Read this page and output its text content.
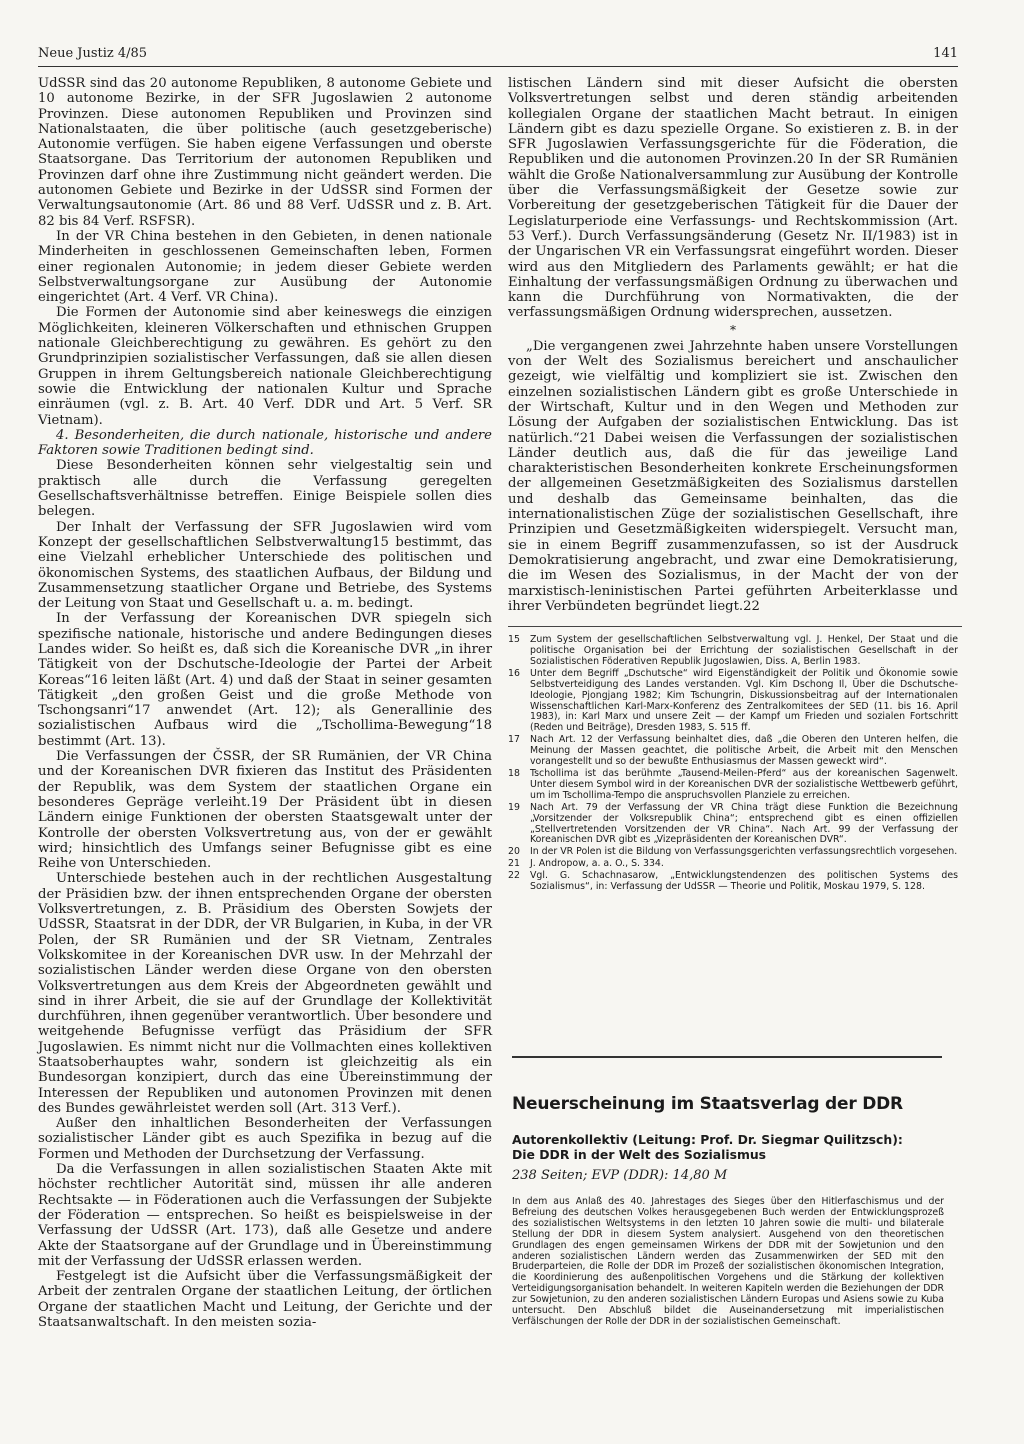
Neue Justiz 4/85	141

UdSSR sind das 20 autonome Republiken, 8 autonome Gebiete und 10 autonome Bezirke, in der SFR Jugoslawien 2 autonome Provinzen. Diese autonomen Republiken und Provinzen sind Nationalstaaten, die über politische (auch gesetzgeberische) Autonomie verfügen. Sie haben eigene Verfassungen und oberste Staatsorgane. Das Territorium der autonomen Republiken und Provinzen darf ohne ihre Zustimmung nicht geändert werden. Die autonomen Gebiete und Bezirke in der UdSSR sind Formen der Verwaltungsautonomie (Art. 86 und 88 Verf. UdSSR und z. B. Art. 82 bis 84 Verf. RSFSR).

In der VR China bestehen in den Gebieten, in denen nationale Minderheiten in geschlossenen Gemeinschaften leben, Formen einer regionalen Autonomie; in jedem dieser Gebiete werden Selbstverwaltungsorgane zur Ausübung der Autonomie eingerichtet (Art. 4 Verf. VR China).

Die Formen der Autonomie sind aber keineswegs die einzigen Möglichkeiten, kleineren Völkerschaften und ethnischen Gruppen nationale Gleichberechtigung zu gewähren. Es gehört zu den Grundprinzipien sozialistischer Verfassungen, daß sie allen diesen Gruppen in ihrem Geltungsbereich nationale Gleichberechtigung sowie die Entwicklung der nationalen Kultur und Sprache einräumen (vgl. z. B. Art. 40 Verf. DDR und Art. 5 Verf. SR Vietnam).

4. Besonderheiten, die durch nationale, historische und andere Faktoren sowie Traditionen bedingt sind.

Diese Besonderheiten können sehr vielgestaltig sein und praktisch alle durch die Verfassung geregelten Gesellschaftsverhältnisse betreffen. Einige Beispiele sollen dies belegen.

Der Inhalt der Verfassung der SFR Jugoslawien wird vom Konzept der gesellschaftlichen Selbstverwaltung15 bestimmt, das eine Vielzahl erheblicher Unterschiede des politischen und ökonomischen Systems, des staatlichen Aufbaus, der Bildung und Zusammensetzung staatlicher Organe und Betriebe, des Systems der Leitung von Staat und Gesellschaft u. a. m. bedingt.

In der Verfassung der Koreanischen DVR spiegeln sich spezifische nationale, historische und andere Bedingungen dieses Landes wider. So heißt es, daß sich die Koreanische DVR „in ihrer Tätigkeit von der Dschutsche-Ideologie der Partei der Arbeit Koreas“16 leiten läßt (Art. 4) und daß der Staat in seiner gesamten Tätigkeit „den großen Geist und die große Methode von Tschongsanri“17 anwendet (Art. 12); als Generallinie des sozialistischen Aufbaus wird die „Tschollima-Bewegung“18 bestimmt (Art. 13).

Die Verfassungen der ČSSR, der SR Rumänien, der VR China und der Koreanischen DVR fixieren das Institut des Präsidenten der Republik, was dem System der staatlichen Organe ein besonderes Gepräge verleiht.19 Der Präsident übt in diesen Ländern einige Funktionen der obersten Staatsgewalt unter der Kontrolle der obersten Volksvertretung aus, von der er gewählt wird; hinsichtlich des Umfangs seiner Befugnisse gibt es eine Reihe von Unterschieden.

Unterschiede bestehen auch in der rechtlichen Ausgestaltung der Präsidien bzw. der ihnen entsprechenden Organe der obersten Volksvertretungen, z. B. Präsidium des Obersten Sowjets der UdSSR, Staatsrat in der DDR, der VR Bulgarien, in Kuba, in der VR Polen, der SR Rumänien und der SR Vietnam, Zentrales Volkskomitee in der Koreanischen DVR usw. In der Mehrzahl der sozialistischen Länder werden diese Organe von den obersten Volksvertretungen aus dem Kreis der Abgeordneten gewählt und sind in ihrer Arbeit, die sie auf der Grundlage der Kollektivität durchführen, ihnen gegenüber verantwortlich. Über besondere und weitgehende Befugnisse verfügt das Präsidium der SFR Jugoslawien. Es nimmt nicht nur die Vollmachten eines kollektiven Staatsoberhauptes wahr, sondern ist gleichzeitig als ein Bundesorgan konzipiert, durch das eine Übereinstimmung der Interessen der Republiken und autonomen Provinzen mit denen des Bundes gewährleistet werden soll (Art. 313 Verf.).

Außer den inhaltlichen Besonderheiten der Verfassungen sozialistischer Länder gibt es auch Spezifika in bezug auf die Formen und Methoden der Durchsetzung der Verfassung.

Da die Verfassungen in allen sozialistischen Staaten Akte mit höchster rechtlicher Autorität sind, müssen ihr alle anderen Rechtsakte — in Föderationen auch die Verfassungen der Subjekte der Föderation — entsprechen. So heißt es beispielsweise in der Verfassung der UdSSR (Art. 173), daß alle Gesetze und andere Akte der Staatsorgane auf der Grundlage und in Übereinstimmung mit der Verfassung der UdSSR erlassen werden.

Festgelegt ist die Aufsicht über die Verfassungsmäßigkeit der Arbeit der zentralen Organe der staatlichen Leitung, der örtlichen Organe der staatlichen Macht und Leitung, der Gerichte und der Staatsanwaltschaft. In den meisten sozia-

listischen Ländern sind mit dieser Aufsicht die obersten Volksvertretungen selbst und deren ständig arbeitenden kollegialen Organe der staatlichen Macht betraut. In einigen Ländern gibt es dazu spezielle Organe. So existieren z. B. in der SFR Jugoslawien Verfassungsgerichte für die Föderation, die Republiken und die autonomen Provinzen.20 In der SR Rumänien wählt die Große Nationalversammlung zur Ausübung der Kontrolle über die Verfassungsmäßigkeit der Gesetze sowie zur Vorbereitung der gesetzgeberischen Tätigkeit für die Dauer der Legislaturperiode eine Verfassungs- und Rechtskommission (Art. 53 Verf.). Durch Verfassungsänderung (Gesetz Nr. II/1983) ist in der Ungarischen VR ein Verfassungsrat eingeführt worden. Dieser wird aus den Mitgliedern des Parlaments gewählt; er hat die Einhaltung der verfassungsmäßigen Ordnung zu überwachen und kann die Durchführung von Normativakten, die der verfassungsmäßigen Ordnung widersprechen, aussetzen.

*

„Die vergangenen zwei Jahrzehnte haben unsere Vorstellungen von der Welt des Sozialismus bereichert und anschaulicher gezeigt, wie vielfältig und kompliziert sie ist. Zwischen den einzelnen sozialistischen Ländern gibt es große Unterschiede in der Wirtschaft, Kultur und in den Wegen und Methoden zur Lösung der Aufgaben der sozialistischen Entwicklung. Das ist natürlich.“21 Dabei weisen die Verfassungen der sozialistischen Länder deutlich aus, daß die für das jeweilige Land charakteristischen Besonderheiten konkrete Erscheinungsformen der allgemeinen Gesetzmäßigkeiten des Sozialismus darstellen und deshalb das Gemeinsame beinhalten, das die internationalistischen Züge der sozialistischen Gesellschaft, ihre Prinzipien und Gesetzmäßigkeiten widerspiegelt. Versucht man, sie in einem Begriff zusammenzufassen, so ist der Ausdruck Demokratisierung angebracht, und zwar eine Demokratisierung, die im Wesen des Sozialismus, in der Macht der von der marxistisch-leninistischen Partei geführten Arbeiterklasse und ihrer Verbündeten begründet liegt.22

15	Zum System der gesellschaftlichen Selbstverwaltung vgl. J. Henkel, Der Staat und die politische Organisation bei der Errichtung der sozialistischen Gesellschaft in der Sozialistischen Föderativen Republik Jugoslawien, Diss. A, Berlin 1983.
16	Unter dem Begriff „Dschutsche“ wird Eigenständigkeit der Politik und Ökonomie sowie Selbstverteidigung des Landes verstanden. Vgl. Kim Dschong Il, Über die Dschutsche-Ideologie, Pjongjang 1982; Kim Tschungrin, Diskussionsbeitrag auf der Internationalen Wissenschaftlichen Karl-Marx-Konferenz des Zentralkomitees der SED (11. bis 16. April 1983), in: Karl Marx und unsere Zeit — der Kampf um Frieden und sozialen Fortschritt (Reden und Beiträge), Dresden 1983, S. 515 ff.
17	Nach Art. 12 der Verfassung beinhaltet dies, daß „die Oberen den Unteren helfen, die Meinung der Massen geachtet, die politische Arbeit, die Arbeit mit den Menschen vorangestellt und so der bewußte Enthusiasmus der Massen geweckt wird“.
18	Tschollima ist das berühmte „Tausend-Meilen-Pferd“ aus der koreanischen Sagenwelt. Unter diesem Symbol wird in der Koreanischen DVR der sozialistische Wettbewerb geführt, um im Tschollima-Tempo die anspruchsvollen Planziele zu erreichen.
19	Nach Art. 79 der Verfassung der VR China trägt diese Funktion die Bezeichnung „Vorsitzender der Volksrepublik China“; entsprechend gibt es einen offiziellen „Stellvertretenden Vorsitzenden der VR China“. Nach Art. 99 der Verfassung der Koreanischen DVR gibt es „Vizepräsidenten der Koreanischen DVR“.
20	In der VR Polen ist die Bildung von Verfassungsgerichten verfassungsrechtlich vorgesehen.
21	J. Andropow, a. a. O., S. 334.
22	Vgl. G. Schachnasarow, „Entwicklungstendenzen des politischen Systems des Sozialismus“, in: Verfassung der UdSSR — Theorie und Politik, Moskau 1979, S. 128.
Neuerscheinung im Staatsverlag der DDR

Autorenkollektiv (Leitung: Prof. Dr. Siegmar Quilitzsch):

Die DDR in der Welt des Sozialismus

238 Seiten; EVP (DDR): 14,80 M

In dem aus Anlaß des 40. Jahrestages des Sieges über den Hitlerfaschismus und der Befreiung des deutschen Volkes herausgegebenen Buch werden der Entwicklungsprozeß des sozialistischen Weltsystems in den letzten 10 Jahren sowie die multi- und bilaterale Stellung der DDR in diesem System analysiert. Ausgehend von den theoretischen Grundlagen des engen gemeinsamen Wirkens der DDR mit der Sowjetunion und den anderen sozialistischen Ländern werden das Zusammenwirken der SED mit den Bruderparteien, die Rolle der DDR im Prozeß der sozialistischen ökonomischen Integration, die Koordinierung des außenpolitischen Vorgehens und die Stärkung der kollektiven Verteidigungsorganisation behandelt. In weiteren Kapiteln werden die Beziehungen der DDR zur Sowjetunion, zu den anderen sozialistischen Ländern Europas und Asiens sowie zu Kuba untersucht. Den Abschluß bildet die Auseinandersetzung mit imperialistischen Verfälschungen der Rolle der DDR in der sozialistischen Gemeinschaft.
